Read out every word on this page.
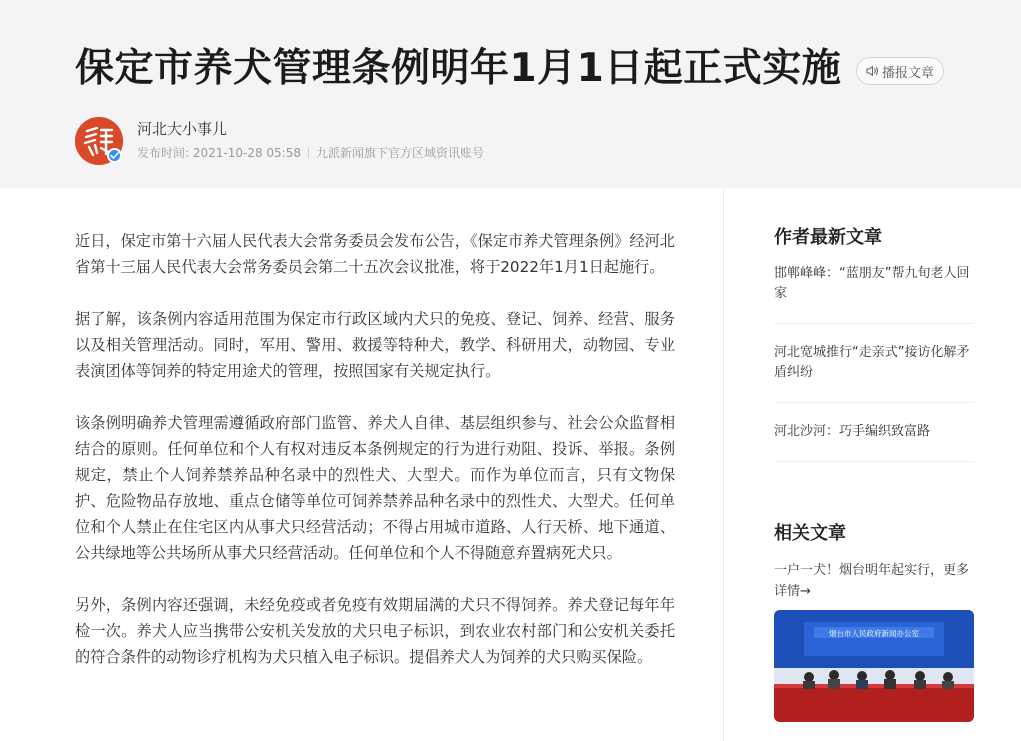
保定市养犬管理条例明年1月1日起正式实施	播报文章
河北大小事儿
发布时间: 2021-10-28 05:58 九派新闻旗下官方区域资讯账号

近日，保定市第十六届人民代表大会常务委员会发布公告，《保定市养犬管理条例》经河北省第十三届人民代表大会常务委员会第二十五次会议批准，将于2022年1月1日起施行。

据了解，该条例内容适用范围为保定市行政区域内犬只的免疫、登记、饲养、经营、服务以及相关管理活动。同时，军用、警用、救援等特种犬，教学、科研用犬，动物园、专业表演团体等饲养的特定用途犬的管理，按照国家有关规定执行。

该条例明确养犬管理需遵循政府部门监管、养犬人自律、基层组织参与、社会公众监督相结合的原则。任何单位和个人有权对违反本条例规定的行为进行劝阻、投诉、举报。条例规定，禁止个人饲养禁养品种名录中的烈性犬、大型犬。而作为单位而言，只有文物保护、危险物品存放地、重点仓储等单位可饲养禁养品种名录中的烈性犬、大型犬。任何单位和个人禁止在住宅区内从事犬只经营活动；不得占用城市道路、人行天桥、地下通道、公共绿地等公共场所从事犬只经营活动。任何单位和个人不得随意弃置病死犬只。

另外，条例内容还强调，未经免疫或者免疫有效期届满的犬只不得饲养。养犬登记每年年检一次。养犬人应当携带公安机关发放的犬只电子标识，到农业农村部门和公安机关委托的符合条件的动物诊疗机构为犬只植入电子标识。提倡养犬人为饲养的犬只购买保险。

作者最新文章
邯郸峰峰：“蓝朋友”帮九旬老人回家
河北宽城推行“走亲式”接访化解矛盾纠纷
河北沙河：巧手编织致富路
相关文章
一户一犬！烟台明年起实行，更多详情→
烟台市人民政府新闻办公室
